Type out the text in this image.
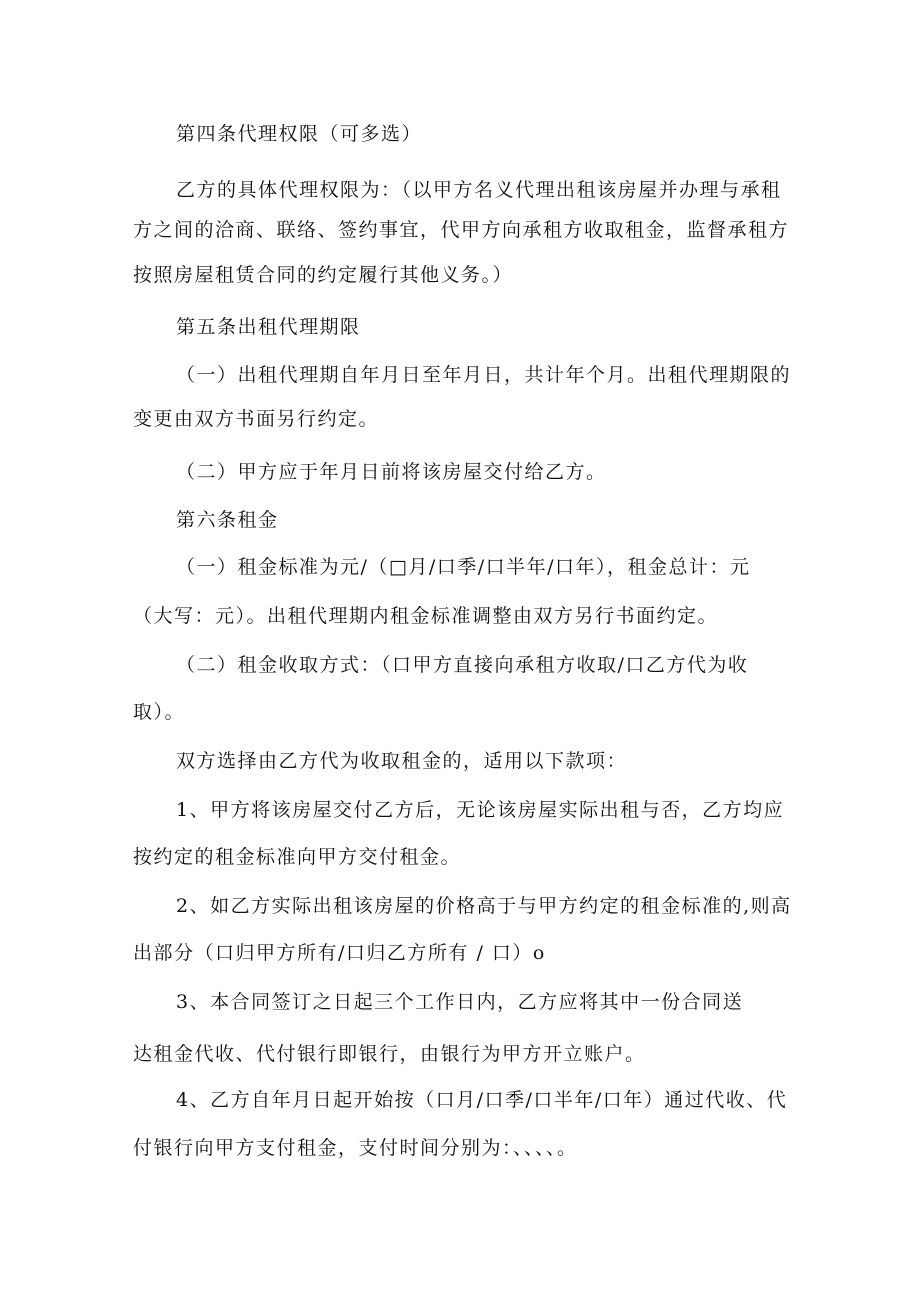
第四条代理权限（可多选）
乙方的具体代理权限为：（以甲方名义代理出租该房屋并办理与承租
方之间的洽商、联络、签约事宜，代甲方向承租方收取租金，监督承租方
按照房屋租赁合同的约定履行其他义务。）
第五条出租代理期限
（一）出租代理期自年月日至年月日，共计年个月。出租代理期限的
变更由双方书面另行约定。
（二）甲方应于年月日前将该房屋交付给乙方。
第六条租金
（一）租金标准为元/（□月/口季/口半年/口年），租金总计：元
（大写：元）。出租代理期内租金标准调整由双方另行书面约定。
（二）租金收取方式：（口甲方直接向承租方收取/口乙方代为收
取）。
双方选择由乙方代为收取租金的，适用以下款项：
1、甲方将该房屋交付乙方后，无论该房屋实际出租与否，乙方均应
按约定的租金标准向甲方交付租金。
2、如乙方实际出租该房屋的价格高于与甲方约定的租金标准的,则高
出部分（口归甲方所有/口归乙方所有 / 口）o
3、本合同签订之日起三个工作日内，乙方应将其中一份合同送
达租金代收、代付银行即银行，由银行为甲方开立账户。
4、乙方自年月日起开始按（口月/口季/口半年/口年）通过代收、代
付银行向甲方支付租金，支付时间分别为：、、、、。
